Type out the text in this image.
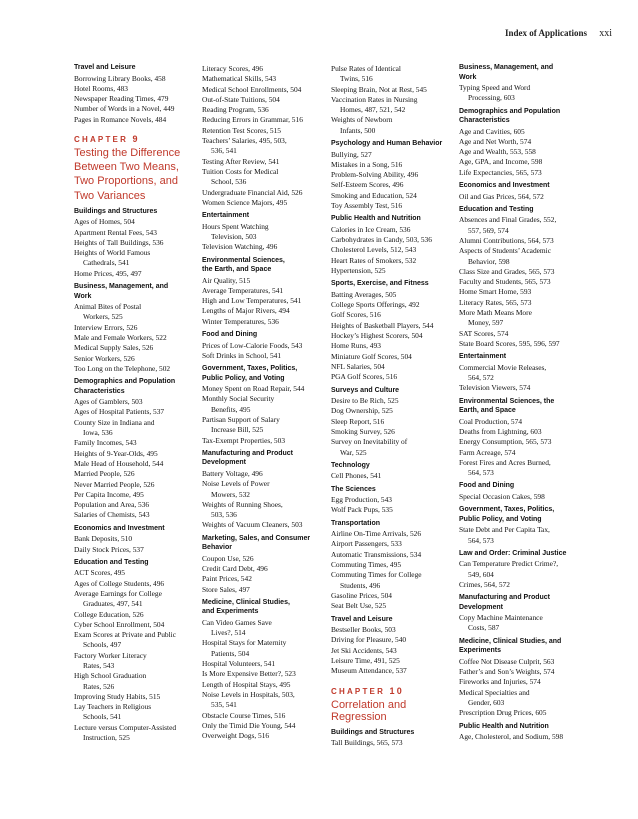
Index of Applications xxi
Travel and Leisure
Borrowing Library Books, 458
Hotel Rooms, 483
Newspaper Reading Times, 479
Number of Words in a Novel, 449
Pages in Romance Novels, 484
CHAPTER 9
Testing the Difference
Between Two Means,
Two Proportions, and
Two Variances
Buildings and Structures
Ages of Homes, 504
Apartment Rental Fees, 543
Heights of Tall Buildings, 536
Heights of World Famous
Cathedrals, 541
Home Prices, 495, 497
Business, Management, and
Work
Animal Bites of Postal
Workers, 525
Interview Errors, 526
Male and Female Workers, 522
Medical Supply Sales, 526
Senior Workers, 526
Too Long on the Telephone, 502
Demographics and Population
Characteristics
Ages of Gamblers, 503
Ages of Hospital Patients, 537
County Size in Indiana and
Iowa, 536
Family Incomes, 543
Heights of 9-Year-Olds, 495
Male Head of Household, 544
Married People, 526
Never Married People, 526
Per Capita Income, 495
Population and Area, 536
Salaries of Chemists, 543
Economics and Investment
Bank Deposits, 510
Daily Stock Prices, 537
Education and Testing
ACT Scores, 495
Ages of College Students, 496
Average Earnings for College
Graduates, 497, 541
College Education, 526
Cyber School Enrollment, 504
Exam Scores at Private and Public
Schools, 497
Factory Worker Literacy
Rates, 543
High School Graduation
Rates, 526
Improving Study Habits, 515
Lay Teachers in Religious
Schools, 541
Lecture versus Computer-Assisted
Instruction, 525
Literacy Scores, 496
Mathematical Skills, 543
Medical School Enrollments, 504
Out-of-State Tuitions, 504
Reading Program, 536
Reducing Errors in Grammar, 516
Retention Test Scores, 515
Teachers’ Salaries, 495, 503,
536, 541
Testing After Review, 541
Tuition Costs for Medical
School, 536
Undergraduate Financial Aid, 526
Women Science Majors, 495
Entertainment
Hours Spent Watching
Television, 503
Television Watching, 496
Environmental Sciences,
the Earth, and Space
Air Quality, 515
Average Temperatures, 541
High and Low Temperatures, 541
Lengths of Major Rivers, 494
Winter Temperatures, 536
Food and Dining
Prices of Low-Calorie Foods, 543
Soft Drinks in School, 541
Government, Taxes, Politics,
Public Policy, and Voting
Money Spent on Road Repair, 544
Monthly Social Security
Benefits, 495
Partisan Support of Salary
Increase Bill, 525
Tax-Exempt Properties, 503
Manufacturing and Product
Development
Battery Voltage, 496
Noise Levels of Power
Mowers, 532
Weights of Running Shoes,
503, 536
Weights of Vacuum Cleaners, 503
Marketing, Sales, and Consumer
Behavior
Coupon Use, 526
Credit Card Debt, 496
Paint Prices, 542
Store Sales, 497
Medicine, Clinical Studies,
and Experiments
Can Video Games Save
Lives?, 514
Hospital Stays for Maternity
Patients, 504
Hospital Volunteers, 541
Is More Expensive Better?, 523
Length of Hospital Stays, 495
Noise Levels in Hospitals, 503,
535, 541
Obstacle Course Times, 516
Only the Timid Die Young, 544
Overweight Dogs, 516
Pulse Rates of Identical
Twins, 516
Sleeping Brain, Not at Rest, 545
Vaccination Rates in Nursing
Homes, 487, 521, 542
Weights of Newborn
Infants, 500
Psychology and Human Behavior
Bullying, 527
Mistakes in a Song, 516
Problem-Solving Ability, 496
Self-Esteem Scores, 496
Smoking and Education, 524
Toy Assembly Test, 516
Public Health and Nutrition
Calories in Ice Cream, 536
Carbohydrates in Candy, 503, 536
Cholesterol Levels, 512, 543
Heart Rates of Smokers, 532
Hypertension, 525
Sports, Exercise, and Fitness
Batting Averages, 505
College Sports Offerings, 492
Golf Scores, 516
Heights of Basketball Players, 544
Hockey’s Highest Scorers, 504
Home Runs, 493
Miniature Golf Scores, 504
NFL Salaries, 504
PGA Golf Scores, 516
Surveys and Culture
Desire to Be Rich, 525
Dog Ownership, 525
Sleep Report, 516
Smoking Survey, 526
Survey on Inevitability of
War, 525
Technology
Cell Phones, 541
The Sciences
Egg Production, 543
Wolf Pack Pups, 535
Transportation
Airline On-Time Arrivals, 526
Airport Passengers, 533
Automatic Transmissions, 534
Commuting Times, 495
Commuting Times for College
Students, 496
Gasoline Prices, 504
Seat Belt Use, 525
Travel and Leisure
Bestseller Books, 503
Driving for Pleasure, 540
Jet Ski Accidents, 543
Leisure Time, 491, 525
Museum Attendance, 537
CHAPTER 10
Correlation and Regression
Buildings and Structures
Tall Buildings, 565, 573
Business, Management, and
Work
Typing Speed and Word
Processing, 603
Demographics and Population
Characteristics
Age and Cavities, 605
Age and Net Worth, 574
Age and Wealth, 553, 558
Age, GPA, and Income, 598
Life Expectancies, 565, 573
Economics and Investment
Oil and Gas Prices, 564, 572
Education and Testing
Absences and Final Grades, 552,
557, 569, 574
Alumni Contributions, 564, 573
Aspects of Students’ Academic
Behavior, 598
Class Size and Grades, 565, 573
Faculty and Students, 565, 573
Home Smart Home, 593
Literacy Rates, 565, 573
More Math Means More
Money, 597
SAT Scores, 574
State Board Scores, 595, 596, 597
Entertainment
Commercial Movie Releases,
564, 572
Television Viewers, 574
Environmental Sciences, the
Earth, and Space
Coal Production, 574
Deaths from Lightning, 603
Energy Consumption, 565, 573
Farm Acreage, 574
Forest Fires and Acres Burned,
564, 573
Food and Dining
Special Occasion Cakes, 598
Government, Taxes, Politics,
Public Policy, and Voting
State Debt and Per Capita Tax,
564, 573
Law and Order: Criminal Justice
Can Temperature Predict Crime?,
549, 604
Crimes, 564, 572
Manufacturing and Product
Development
Copy Machine Maintenance
Costs, 587
Medicine, Clinical Studies, and
Experiments
Coffee Not Disease Culprit, 563
Father’s and Son’s Weights, 574
Fireworks and Injuries, 574
Medical Specialties and
Gender, 603
Prescription Drug Prices, 605
Public Health and Nutrition
Age, Cholesterol, and Sodium, 598
